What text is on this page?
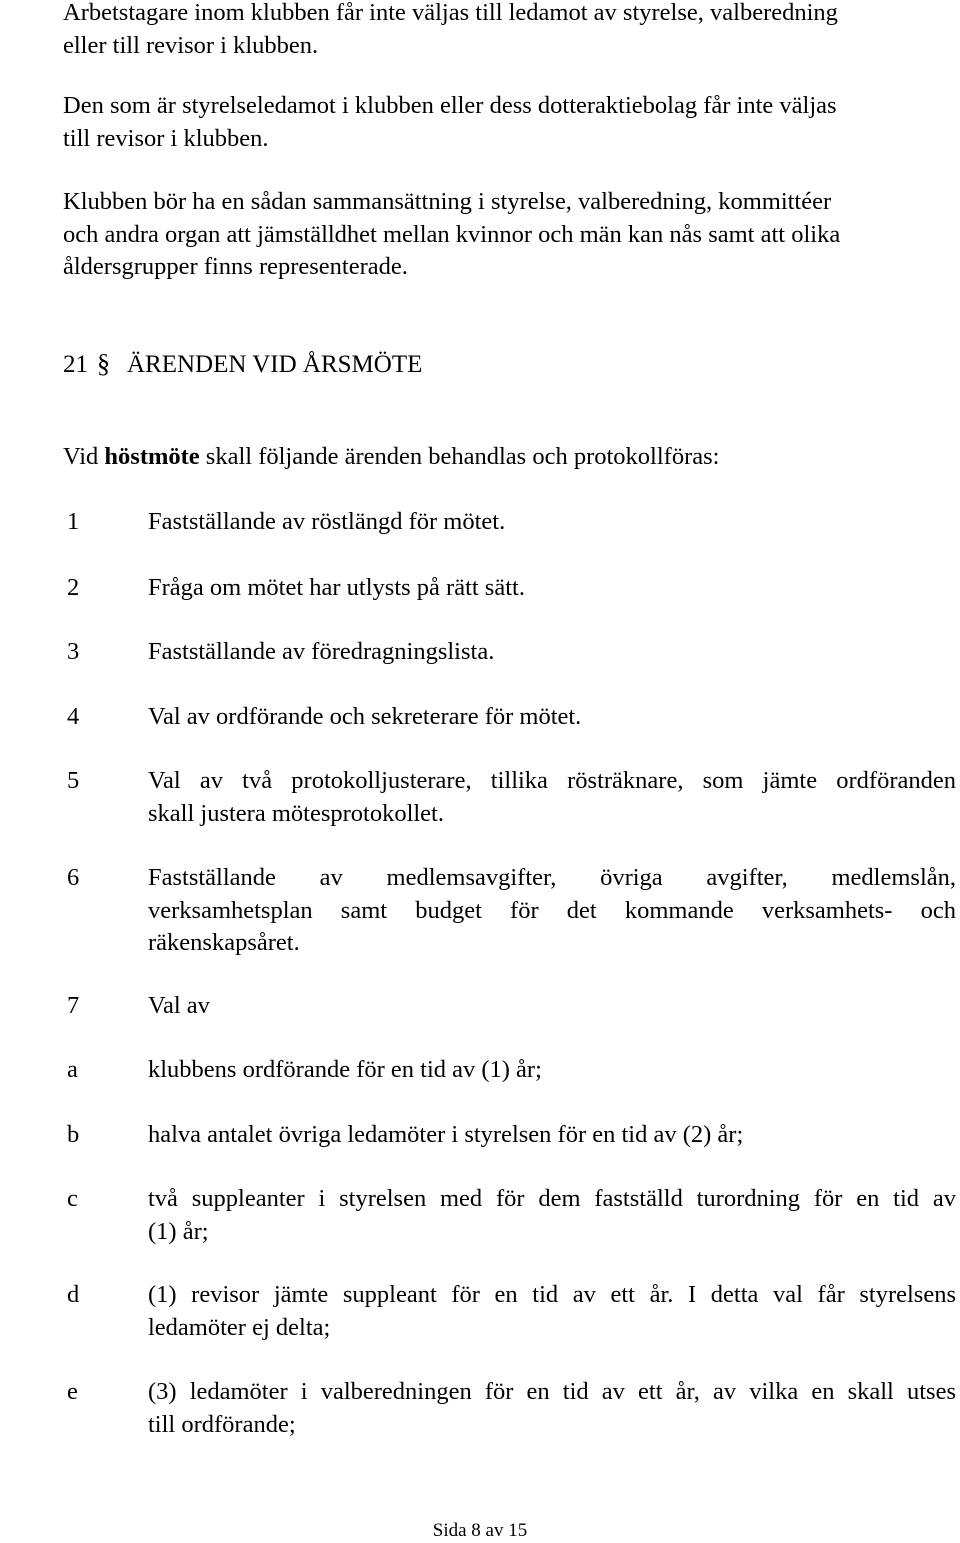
Arbetstagare inom klubben får inte väljas till ledamot av styrelse, valberedning
eller till revisor i klubben.

Den som är styrelseledamot i klubben eller dess dotteraktiebolag får inte väljas
till revisor i klubben.

Klubben bör ha en sådan sammansättning i styrelse, valberedning, kommittéer
och andra organ att jämställdhet mellan kvinnor och män kan nås samt att olika
åldersgrupper finns representerade.

21 § ÄRENDEN VID ÅRSMÖTE
Vid höstmöte skall följande ärenden behandlas och protokollföras:
1	Fastställande av röstlängd för mötet.
2	Fråga om mötet har utlysts på rätt sätt.
3	Fastställande av föredragningslista.
4	Val av ordförande och sekreterare för mötet.
5	Val av två protokolljusterare, tillika rösträknare, som jämte ordföranden
skall justera mötesprotokollet.
6	Fastställande av medlemsavgifter, övriga avgifter, medlemslån,
verksamhetsplan samt budget för det kommande verksamhets- och
räkenskapsåret.
7	Val av
a	klubbens ordförande för en tid av (1) år;
b	halva antalet övriga ledamöter i styrelsen för en tid av (2) år;
c	två suppleanter i styrelsen med för dem fastställd turordning för en tid av
(1) år;
d	(1) revisor jämte suppleant för en tid av ett år. I detta val får styrelsens
ledamöter ej delta;
e	(3) ledamöter i valberedningen för en tid av ett år, av vilka en skall utses
till ordförande;
Sida 8 av 15
